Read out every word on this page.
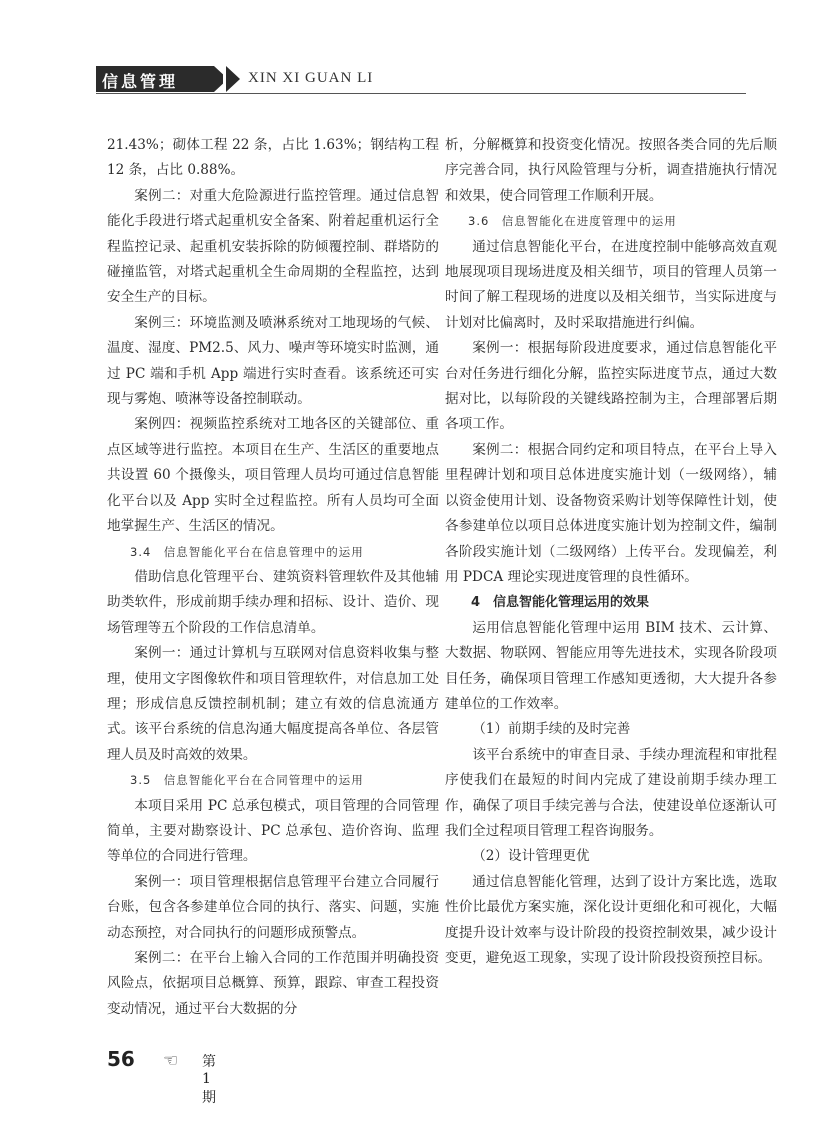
信息管理	XIN XI GUAN LI

21.43%；砌体工程 22 条，占比 1.63%；钢结构工程 12 条，占比 0.88%。

案例二：对重大危险源进行监控管理。通过信息智能化手段进行塔式起重机安全备案、附着起重机运行全程监控记录、起重机安装拆除的防倾覆控制、群塔防的碰撞监管，对塔式起重机全生命周期的全程监控，达到安全生产的目标。

案例三：环境监测及喷淋系统对工地现场的气候、温度、湿度、PM2.5、风力、噪声等环境实时监测，通过 PC 端和手机 App 端进行实时查看。该系统还可实现与雾炮、喷淋等设备控制联动。

案例四：视频监控系统对工地各区的关键部位、重点区域等进行监控。本项目在生产、生活区的重要地点共设置 60 个摄像头，项目管理人员均可通过信息智能化平台以及 App 实时全过程监控。所有人员均可全面地掌握生产、生活区的情况。

3.4　信息智能化平台在信息管理中的运用

借助信息化管理平台、建筑资料管理软件及其他辅助类软件，形成前期手续办理和招标、设计、造价、现场管理等五个阶段的工作信息清单。

案例一：通过计算机与互联网对信息资料收集与整理，使用文字图像软件和项目管理软件，对信息加工处理；形成信息反馈控制机制；建立有效的信息流通方式。该平台系统的信息沟通大幅度提高各单位、各层管理人员及时高效的效果。

3.5　信息智能化平台在合同管理中的运用

本项目采用 PC 总承包模式，项目管理的合同管理简单，主要对勘察设计、PC 总承包、造价咨询、监理等单位的合同进行管理。

案例一：项目管理根据信息管理平台建立合同履行台账，包含各参建单位合同的执行、落实、问题，实施动态预控，对合同执行的问题形成预警点。

案例二：在平台上输入合同的工作范围并明确投资风险点，依据项目总概算、预算，跟踪、审查工程投资变动情况，通过平台大数据的分

析，分解概算和投资变化情况。按照各类合同的先后顺序完善合同，执行风险管理与分析，调查措施执行情况和效果，使合同管理工作顺利开展。

3.6　信息智能化在进度管理中的运用

通过信息智能化平台，在进度控制中能够高效直观地展现项目现场进度及相关细节，项目的管理人员第一时间了解工程现场的进度以及相关细节，当实际进度与计划对比偏离时，及时采取措施进行纠偏。

案例一：根据每阶段进度要求，通过信息智能化平台对任务进行细化分解，监控实际进度节点，通过大数据对比，以每阶段的关键线路控制为主，合理部署后期各项工作。

案例二：根据合同约定和项目特点，在平台上导入里程碑计划和项目总体进度实施计划（一级网络），辅以资金使用计划、设备物资采购计划等保障性计划，使各参建单位以项目总体进度实施计划为控制文件，编制各阶段实施计划（二级网络）上传平台。发现偏差，利用 PDCA 理论实现进度管理的良性循环。

4　信息智能化管理运用的效果

运用信息智能化管理中运用 BIM 技术、云计算、大数据、物联网、智能应用等先进技术，实现各阶段项目任务，确保项目管理工作感知更透彻，大大提升各参建单位的工作效率。

（1）前期手续的及时完善

该平台系统中的审查目录、手续办理流程和审批程序使我们在最短的时间内完成了建设前期手续办理工作，确保了项目手续完善与合法，使建设单位逐渐认可我们全过程项目管理工程咨询服务。

（2）设计管理更优

通过信息智能化管理，达到了设计方案比选，选取性价比最优方案实施，深化设计更细化和可视化，大幅度提升设计效率与设计阶段的投资控制效果，减少设计变更，避免返工现象，实现了设计阶段投资预控目标。

56 ☜ 第 1 期
